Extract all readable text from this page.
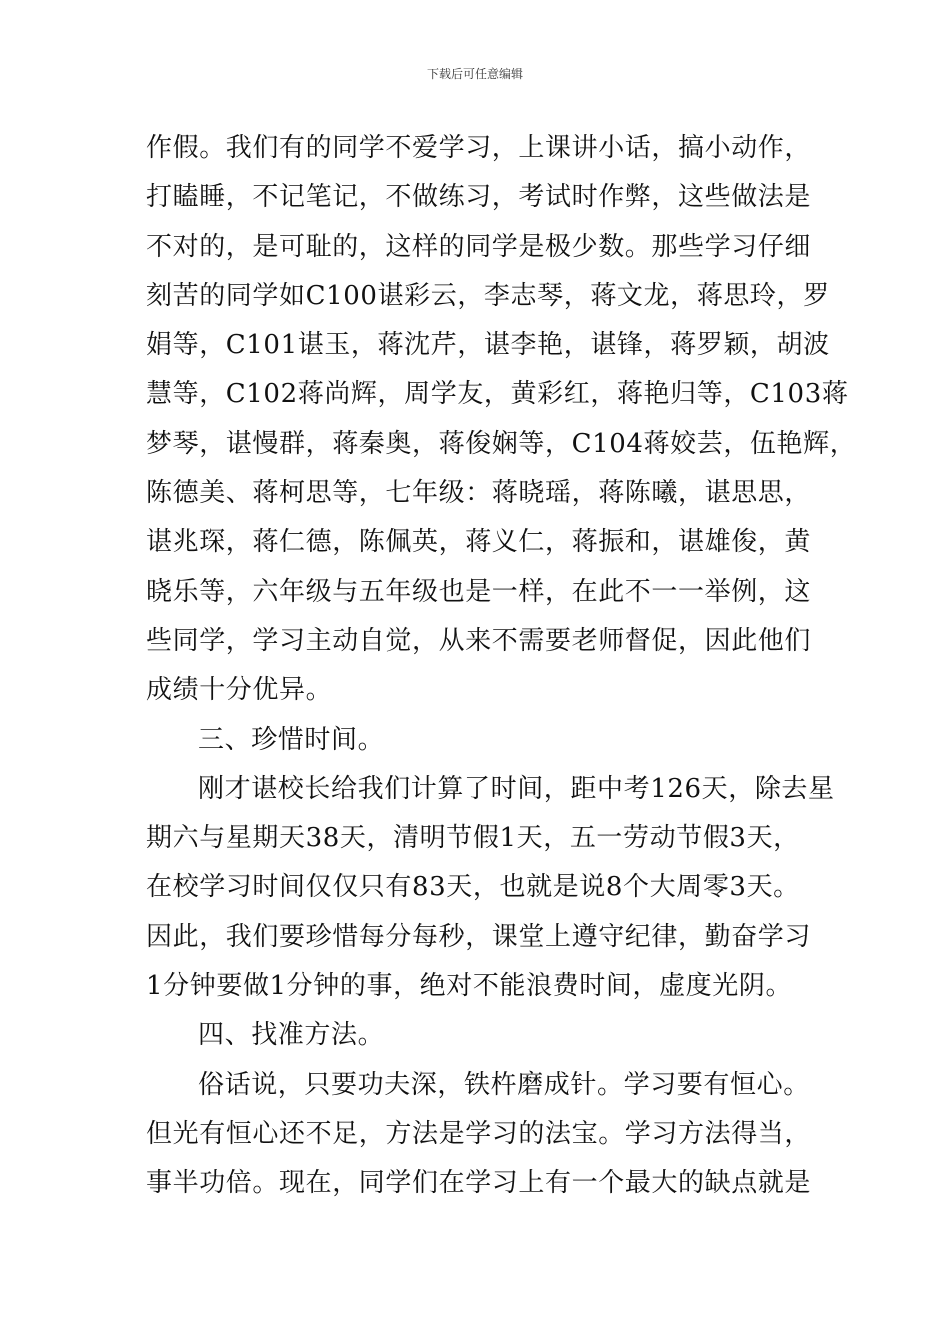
下载后可任意编辑
作假。我们有的同学不爱学习，上课讲小话，搞小动作，
打瞌睡，不记笔记，不做练习，考试时作弊，这些做法是
不对的，是可耻的，这样的同学是极少数。那些学习仔细
刻苦的同学如C100谌彩云，李志琴，蒋文龙，蒋思玲，罗
娟等，C101谌玉，蒋沈芹，谌李艳，谌锋，蒋罗颖，胡波
慧等，C102蒋尚辉，周学友，黄彩红，蒋艳归等，C103蒋
梦琴，谌慢群，蒋秦奥，蒋俊娴等，C104蒋姣芸，伍艳辉，
陈德美、蒋柯思等，七年级：蒋晓瑶，蒋陈曦，谌思思，
谌兆琛，蒋仁德，陈佩英，蒋义仁，蒋振和，谌雄俊，黄
晓乐等，六年级与五年级也是一样，在此不一一举例，这
些同学，学习主动自觉，从来不需要老师督促，因此他们
成绩十分优异。
三、珍惜时间。
刚才谌校长给我们计算了时间，距中考126天，除去星
期六与星期天38天，清明节假1天，五一劳动节假3天，
在校学习时间仅仅只有83天，也就是说8个大周零3天。
因此，我们要珍惜每分每秒，课堂上遵守纪律，勤奋学习
1分钟要做1分钟的事，绝对不能浪费时间，虚度光阴。
四、找准方法。
俗话说，只要功夫深，铁杵磨成针。学习要有恒心。
但光有恒心还不足，方法是学习的法宝。学习方法得当，
事半功倍。现在，同学们在学习上有一个最大的缺点就是
